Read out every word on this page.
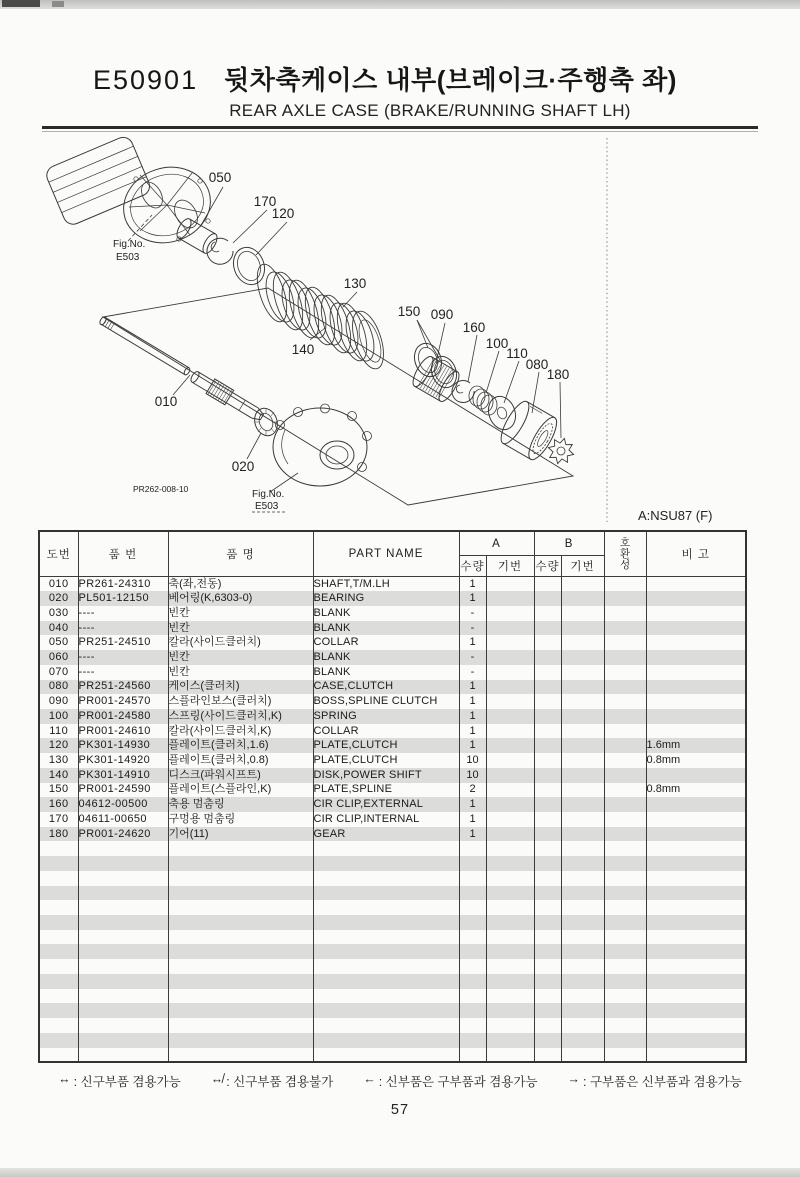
E50901 뒷차축케이스 내부(브레이크·주행축 좌)
REAR AXLE CASE (BRAKE/RUNNING SHAFT LH)
050
170
120
130
140
150 090
160
100
110
080
180
010
020
Fig.No.
E503
Fig.No.
E503
PR262-008-10
A:NSU87 (F)
도번	품 번	품 명	PART NAME	A		B		호환성	비 고
				수량	기번	수량	기번		
010	PR261-24310	축(좌,전동)	SHAFT,T/M.LH	1					
020	PL501-12150	베어링(K,6303-0)	BEARING	1					
030	----	빈칸	BLANK	-					
040	----	빈칸	BLANK	-					
050	PR251-24510	칼라(사이드클러치)	COLLAR	1					
060	----	빈칸	BLANK	-					
070	----	빈칸	BLANK	-					
080	PR251-24560	케이스(클러치)	CASE,CLUTCH	1					
090	PR001-24570	스플라인보스(클러치)	BOSS,SPLINE CLUTCH	1					
100	PR001-24580	스프링(사이드클러치,K)	SPRING	1					
110	PR001-24610	칼라(사이드클러치,K)	COLLAR	1					
120	PK301-14930	플레이트(클러치,1.6)	PLATE,CLUTCH	1					1.6mm
130	PK301-14920	플레이트(클러치,0.8)	PLATE,CLUTCH	10					0.8mm
140	PK301-14910	디스크(파워시프트)	DISK,POWER SHIFT	10					
150	PR001-24590	플레이트(스플라인,K)	PLATE,SPLINE	2					0.8mm
160	04612-00500	축용 멈춤링	CIR CLIP,EXTERNAL	1					
170	04611-00650	구멍용 멈춤링	CIR CLIP,INTERNAL	1					
180	PR001-24620	기어(11)	GEAR	1					

↔ : 신구부품 겸용가능 ↮ : 신구부품 겸용불가 ← : 신부품은 구부품과 겸용가능 → : 구부품은 신부품과 겸용가능
57
